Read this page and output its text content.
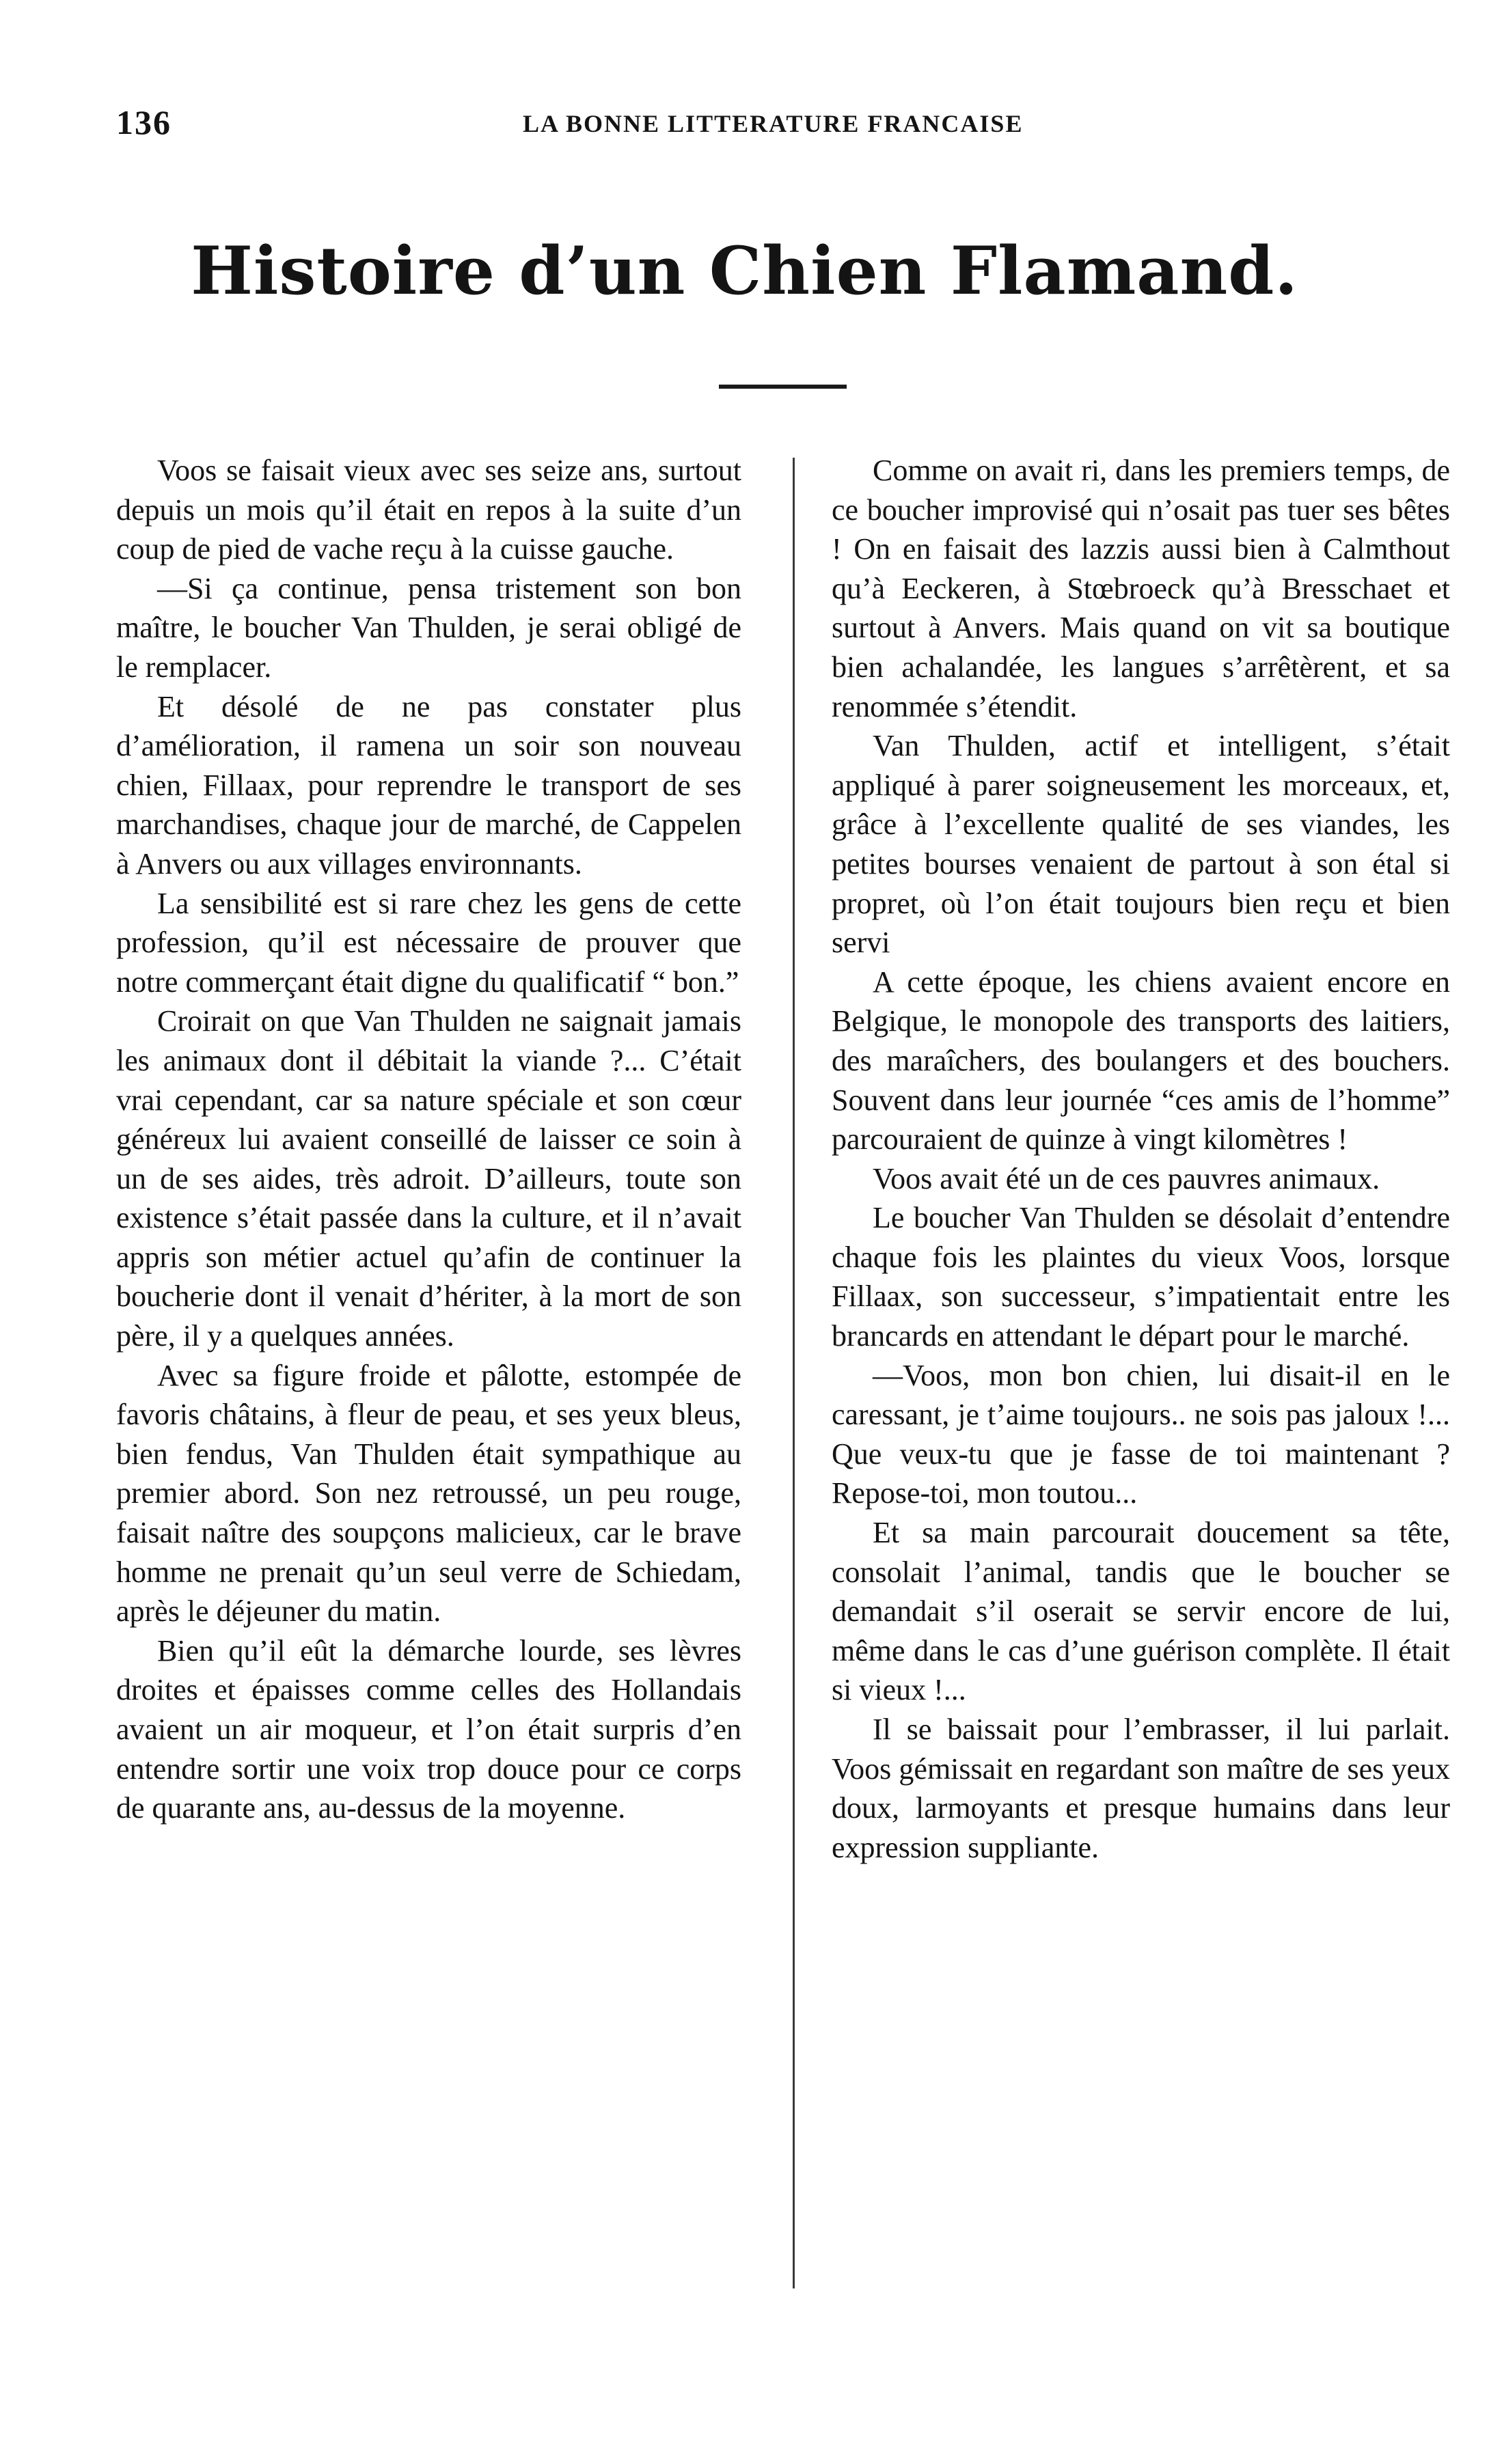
136	LA BONNE LITTERATURE FRANCAISE
Histoire d’un Chien Flamand.

Voos se faisait vieux avec ses seize ans, surtout depuis un mois qu’il était en repos à la suite d’un coup de pied de vache reçu à la cuisse gauche.

—Si ça continue, pensa tristement son bon maître, le boucher Van Thulden, je serai obligé de le remplacer.

Et désolé de ne pas constater plus d’amélioration, il ramena un soir son nouveau chien, Fillaax, pour reprendre le transport de ses marchandises, chaque jour de marché, de Cappelen à Anvers ou aux villages environnants.

La sensibilité est si rare chez les gens de cette profession, qu’il est nécessaire de prouver que notre commerçant était digne du qualificatif “ bon.”

Croirait on que Van Thulden ne saignait jamais les animaux dont il débitait la viande ?... C’était vrai cependant, car sa nature spéciale et son cœur généreux lui avaient conseillé de laisser ce soin à un de ses aides, très adroit. D’ailleurs, toute son existence s’était passée dans la culture, et il n’avait appris son métier actuel qu’afin de continuer la boucherie dont il venait d’hériter, à la mort de son père, il y a quelques années.

Avec sa figure froide et pâlotte, estompée de favoris châtains, à fleur de peau, et ses yeux bleus, bien fendus, Van Thulden était sympathique au premier abord. Son nez retroussé, un peu rouge, faisait naître des soupçons malicieux, car le brave homme ne prenait qu’un seul verre de Schiedam, après le déjeuner du matin.

Bien qu’il eût la démarche lourde, ses lèvres droites et épaisses comme celles des Hollandais avaient un air moqueur, et l’on était surpris d’en entendre sortir une voix trop douce pour ce corps de quarante ans, au-dessus de la moyenne.

Comme on avait ri, dans les premiers temps, de ce boucher improvisé qui n’osait pas tuer ses bêtes ! On en faisait des lazzis aussi bien à Calmthout qu’à Eeckeren, à Stœbroeck qu’à Bresschaet et surtout à Anvers. Mais quand on vit sa boutique bien achalandée, les langues s’arrêtèrent, et sa renommée s’étendit.

Van Thulden, actif et intelligent, s’était appliqué à parer soigneusement les morceaux, et, grâce à l’excellente qualité de ses viandes, les petites bourses venaient de partout à son étal si propret, où l’on était toujours bien reçu et bien servi

A cette époque, les chiens avaient encore en Belgique, le monopole des transports des laitiers, des maraîchers, des boulangers et des bouchers. Souvent dans leur journée “ces amis de l’homme” parcouraient de quinze à vingt kilomètres !

Voos avait été un de ces pauvres animaux.

Le boucher Van Thulden se désolait d’entendre chaque fois les plaintes du vieux Voos, lorsque Fillaax, son successeur, s’impatientait entre les brancards en attendant le départ pour le marché.

—Voos, mon bon chien, lui disait-il en le caressant, je t’aime toujours.. ne sois pas jaloux !... Que veux-tu que je fasse de toi maintenant ? Repose-toi, mon toutou...

Et sa main parcourait doucement sa tête, consolait l’animal, tandis que le boucher se demandait s’il oserait se servir encore de lui, même dans le cas d’une guérison complète. Il était si vieux !...

Il se baissait pour l’embrasser, il lui parlait. Voos gémissait en regardant son maître de ses yeux doux, larmoyants et presque humains dans leur expression suppliante.
